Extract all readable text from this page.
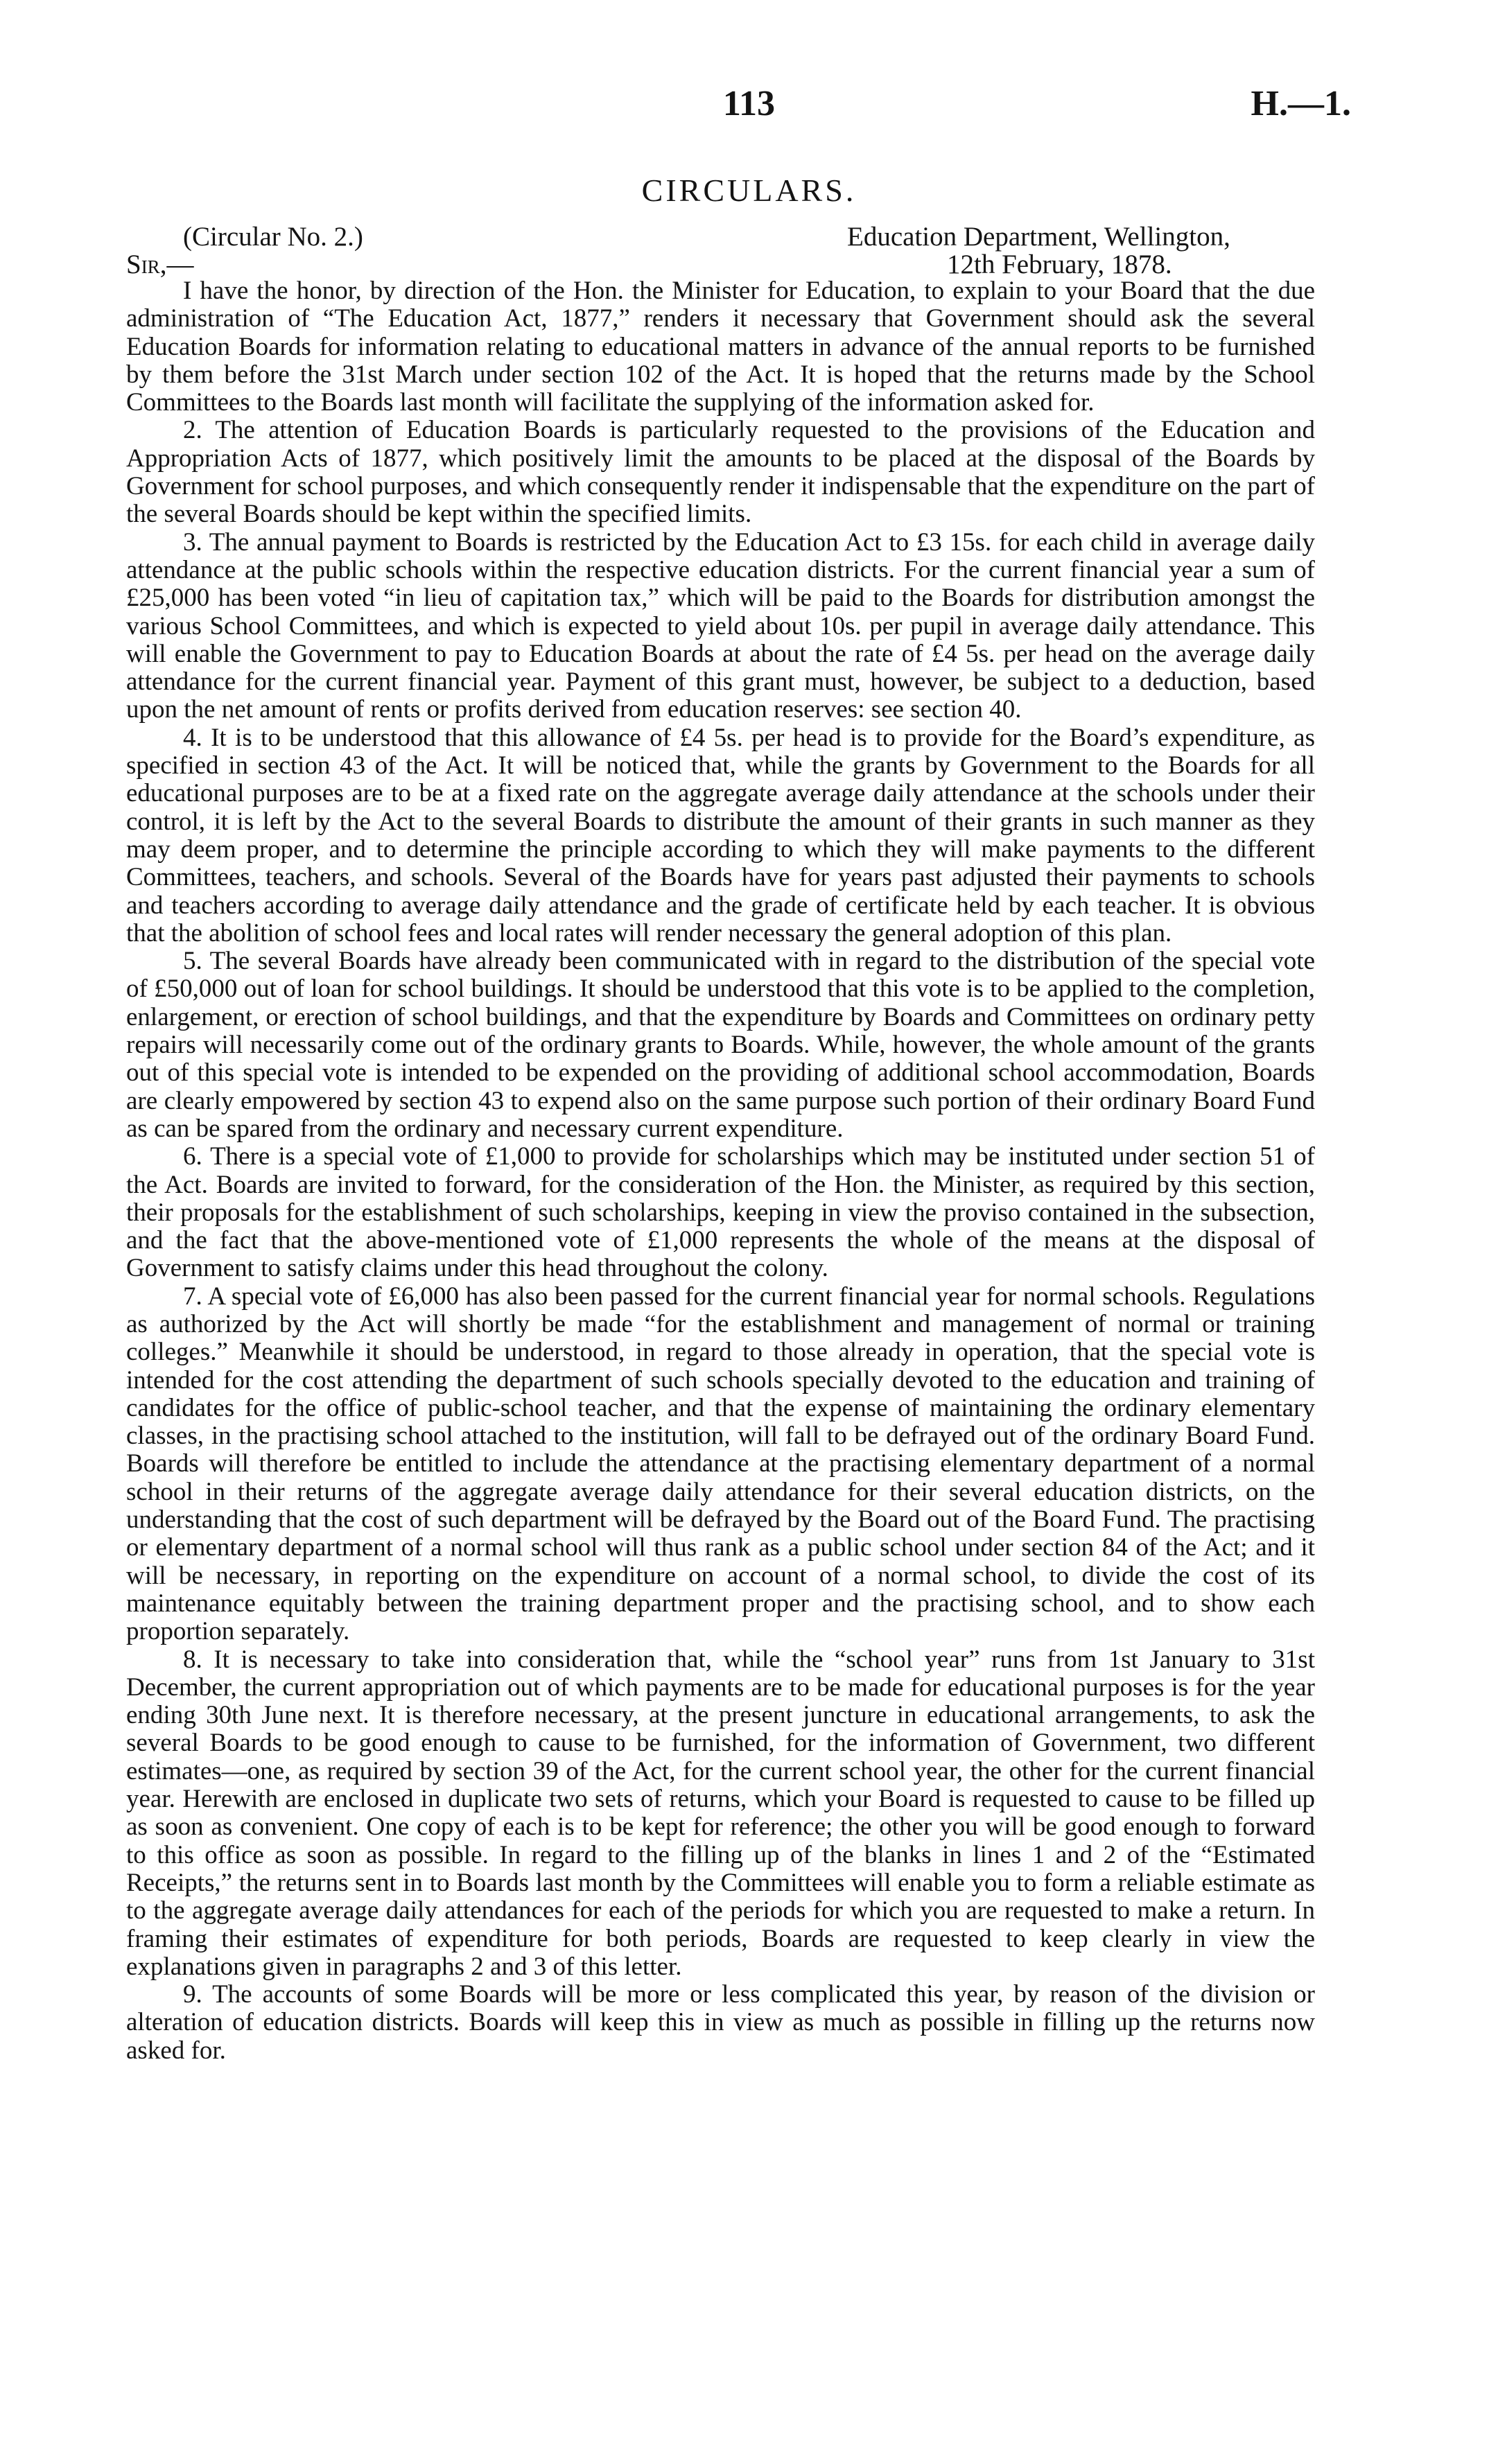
113	H.—1.
CIRCULARS.
(Circular No. 2.)	Education Department, Wellington,
Sir,—	12th February, 1878.

I have the honor, by direction of the Hon. the Minister for Education, to explain to your Board that the due administration of “The Education Act, 1877,” renders it necessary that Government should ask the several Education Boards for information relating to educational matters in advance of the annual reports to be furnished by them before the 31st March under section 102 of the Act. It is hoped that the returns made by the School Committees to the Boards last month will facilitate the supplying of the information asked for.

2. The attention of Education Boards is particularly requested to the provisions of the Education and Appropriation Acts of 1877, which positively limit the amounts to be placed at the disposal of the Boards by Government for school purposes, and which consequently render it indispensable that the expenditure on the part of the several Boards should be kept within the specified limits.

3. The annual payment to Boards is restricted by the Education Act to £3 15s. for each child in average daily attendance at the public schools within the respective education districts. For the current financial year a sum of £25,000 has been voted “in lieu of capitation tax,” which will be paid to the Boards for distribution amongst the various School Committees, and which is expected to yield about 10s. per pupil in average daily attendance. This will enable the Government to pay to Education Boards at about the rate of £4 5s. per head on the average daily attendance for the current financial year. Payment of this grant must, however, be subject to a deduction, based upon the net amount of rents or profits derived from education reserves: see section 40.

4. It is to be understood that this allowance of £4 5s. per head is to provide for the Board’s expenditure, as specified in section 43 of the Act. It will be noticed that, while the grants by Government to the Boards for all educational purposes are to be at a fixed rate on the aggregate average daily attendance at the schools under their control, it is left by the Act to the several Boards to distribute the amount of their grants in such manner as they may deem proper, and to determine the principle according to which they will make payments to the different Committees, teachers, and schools. Several of the Boards have for years past adjusted their payments to schools and teachers according to average daily attendance and the grade of certificate held by each teacher. It is obvious that the abolition of school fees and local rates will render necessary the general adoption of this plan.

5. The several Boards have already been communicated with in regard to the distribution of the special vote of £50,000 out of loan for school buildings. It should be understood that this vote is to be applied to the completion, enlargement, or erection of school buildings, and that the expenditure by Boards and Committees on ordinary petty repairs will necessarily come out of the ordinary grants to Boards. While, however, the whole amount of the grants out of this special vote is intended to be expended on the providing of additional school accommodation, Boards are clearly empowered by section 43 to expend also on the same purpose such portion of their ordinary Board Fund as can be spared from the ordinary and necessary current expenditure.

6. There is a special vote of £1,000 to provide for scholarships which may be instituted under section 51 of the Act. Boards are invited to forward, for the consideration of the Hon. the Minister, as required by this section, their proposals for the establishment of such scholarships, keeping in view the proviso contained in the subsection, and the fact that the above-mentioned vote of £1,000 represents the whole of the means at the disposal of Government to satisfy claims under this head throughout the colony.

7. A special vote of £6,000 has also been passed for the current financial year for normal schools. Regulations as authorized by the Act will shortly be made “for the establishment and management of normal or training colleges.” Meanwhile it should be understood, in regard to those already in operation, that the special vote is intended for the cost attending the department of such schools specially devoted to the education and training of candidates for the office of public-school teacher, and that the expense of maintaining the ordinary elementary classes, in the practising school attached to the institution, will fall to be defrayed out of the ordinary Board Fund. Boards will therefore be entitled to include the attendance at the practising elementary department of a normal school in their returns of the aggregate average daily attendance for their several education districts, on the understanding that the cost of such department will be defrayed by the Board out of the Board Fund. The practising or elementary department of a normal school will thus rank as a public school under section 84 of the Act; and it will be necessary, in reporting on the expenditure on account of a normal school, to divide the cost of its maintenance equitably between the training department proper and the practising school, and to show each proportion separately.

8. It is necessary to take into consideration that, while the “school year” runs from 1st January to 31st December, the current appropriation out of which payments are to be made for educational purposes is for the year ending 30th June next. It is therefore necessary, at the present juncture in educational arrangements, to ask the several Boards to be good enough to cause to be furnished, for the information of Government, two different estimates—one, as required by section 39 of the Act, for the current school year, the other for the current financial year. Herewith are enclosed in duplicate two sets of returns, which your Board is requested to cause to be filled up as soon as convenient. One copy of each is to be kept for reference; the other you will be good enough to forward to this office as soon as possible. In regard to the filling up of the blanks in lines 1 and 2 of the “Estimated Receipts,” the returns sent in to Boards last month by the Committees will enable you to form a reliable estimate as to the aggregate average daily attendances for each of the periods for which you are requested to make a return. In framing their estimates of expenditure for both periods, Boards are requested to keep clearly in view the explanations given in paragraphs 2 and 3 of this letter.

9. The accounts of some Boards will be more or less complicated this year, by reason of the division or alteration of education districts. Boards will keep this in view as much as possible in filling up the returns now asked for.
